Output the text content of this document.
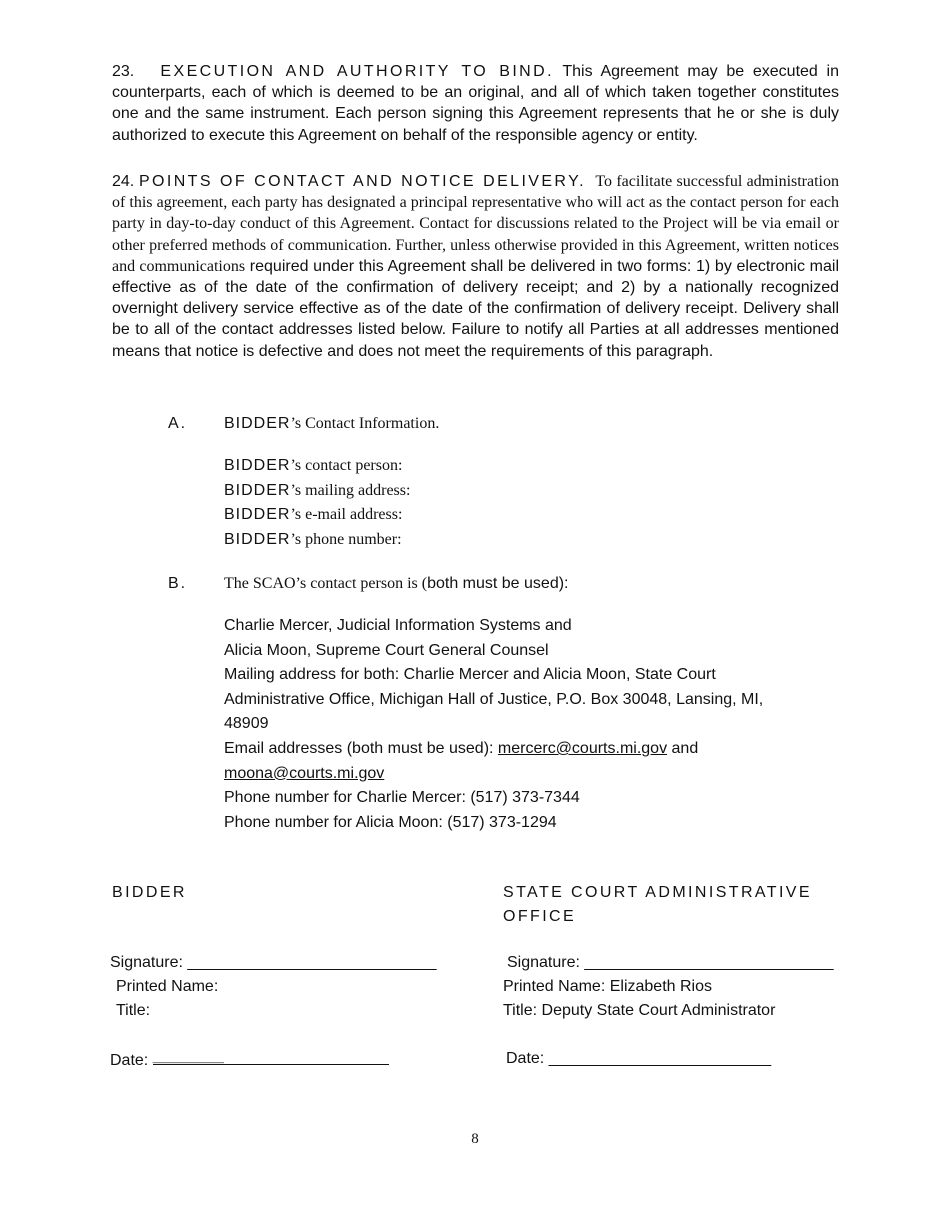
23. EXECUTION AND AUTHORITY TO BIND. This Agreement may be executed in counterparts, each of which is deemed to be an original, and all of which taken together constitutes one and the same instrument. Each person signing this Agreement represents that he or she is duly authorized to execute this Agreement on behalf of the responsible agency or entity.

24. POINTS OF CONTACT AND NOTICE DELIVERY. To facilitate successful administration of this agreement, each party has designated a principal representative who will act as the contact person for each party in day-to-day conduct of this Agreement. Contact for discussions related to the Project will be via email or other preferred methods of communication. Further, unless otherwise provided in this Agreement, written notices and communications required under this Agreement shall be delivered in two forms: 1) by electronic mail effective as of the date of the confirmation of delivery receipt; and 2) by a nationally recognized overnight delivery service effective as of the date of the confirmation of delivery receipt. Delivery shall be to all of the contact addresses listed below. Failure to notify all Parties at all addresses mentioned means that notice is defective and does not meet the requirements of this paragraph.

A. BIDDER’s Contact Information.
BIDDER’s contact person:
BIDDER’s mailing address:
BIDDER’s e-mail address:
BIDDER’s phone number:
B. The SCAO’s contact person is (both must be used):
Charlie Mercer, Judicial Information Systems and
Alicia Moon, Supreme Court General Counsel
Mailing address for both: Charlie Mercer and Alicia Moon, State Court
Administrative Office, Michigan Hall of Justice, P.O. Box 30048, Lansing, MI,
48909
Email addresses (both must be used): mercerc@courts.mi.gov and
moona@courts.mi.gov
Phone number for Charlie Mercer: (517) 373-7344
Phone number for Alicia Moon: (517) 373-1294
BIDDER	STATE COURT ADMINISTRATIVE
OFFICE
Signature: ____________________________
Printed Name:
Title:
Date: ________
Signature: ____________________________
Printed Name: Elizabeth Rios
Title: Deputy State Court Administrator
Date: _________________________
8
